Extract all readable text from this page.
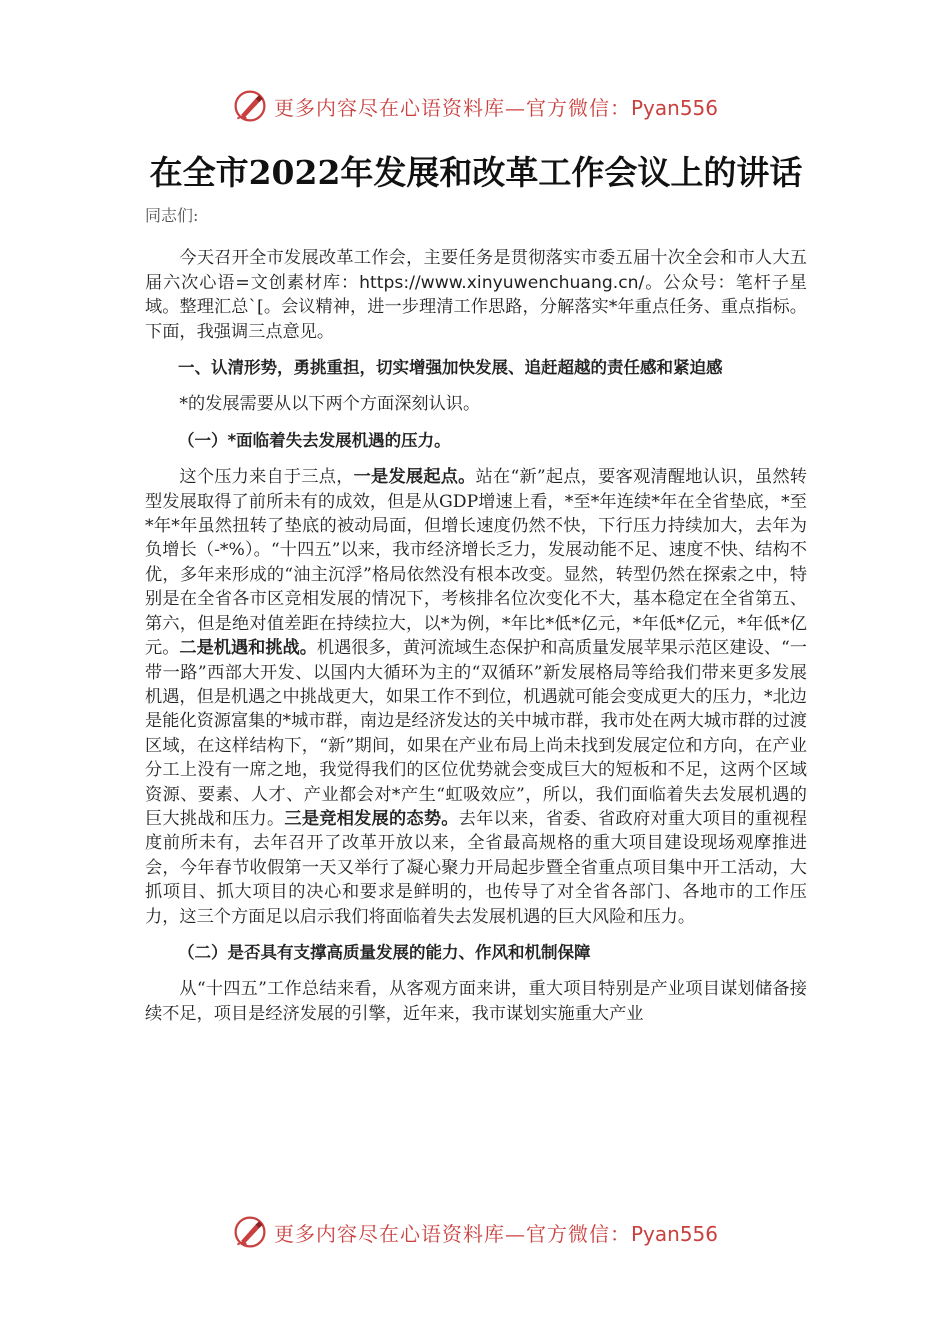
更多内容尽在心语资料库—官方微信：Pyan556
在全市2022年发展和改革工作会议上的讲话

同志们:

今天召开全市发展改革工作会，主要任务是贯彻落实市委五届十次全会和市人大五届六次心语=文创素材库：https://www.xinyuwenchuang.cn/。公众号：笔杆子星域。整理汇总`[。会议精神，进一步理清工作思路，分解落实*年重点任务、重点指标。下面，我强调三点意见。

一、认清形势，勇挑重担，切实增强加快发展、追赶超越的责任感和紧迫感

*的发展需要从以下两个方面深刻认识。

（一）*面临着失去发展机遇的压力。

这个压力来自于三点，一是发展起点。站在“新”起点，要客观清醒地认识，虽然转型发展取得了前所未有的成效，但是从GDP增速上看，*至*年连续*年在全省垫底，*至*年*年虽然扭转了垫底的被动局面，但增长速度仍然不快，下行压力持续加大，去年为负增长（-*%）。“十四五”以来，我市经济增长乏力，发展动能不足、速度不快、结构不优，多年来形成的“油主沉浮”格局依然没有根本改变。显然，转型仍然在探索之中，特别是在全省各市区竞相发展的情况下，考核排名位次变化不大，基本稳定在全省第五、第六，但是绝对值差距在持续拉大，以*为例，*年比*低*亿元，*年低*亿元，*年低*亿元。二是机遇和挑战。机遇很多，黄河流域生态保护和高质量发展苹果示范区建设、“一带一路”西部大开发、以国内大循环为主的“双循环”新发展格局等给我们带来更多发展机遇，但是机遇之中挑战更大，如果工作不到位，机遇就可能会变成更大的压力，*北边是能化资源富集的*城市群，南边是经济发达的关中城市群，我市处在两大城市群的过渡区域，在这样结构下，“新”期间，如果在产业布局上尚未找到发展定位和方向，在产业分工上没有一席之地，我觉得我们的区位优势就会变成巨大的短板和不足，这两个区域资源、要素、人才、产业都会对*产生“虹吸效应”，所以，我们面临着失去发展机遇的巨大挑战和压力。三是竞相发展的态势。去年以来，省委、省政府对重大项目的重视程度前所未有，去年召开了改革开放以来，全省最高规格的重大项目建设现场观摩推进会，今年春节收假第一天又举行了凝心聚力开局起步暨全省重点项目集中开工活动，大抓项目、抓大项目的决心和要求是鲜明的，也传导了对全省各部门、各地市的工作压力，这三个方面足以启示我们将面临着失去发展机遇的巨大风险和压力。

（二）是否具有支撑高质量发展的能力、作风和机制保障

从“十四五”工作总结来看，从客观方面来讲，重大项目特别是产业项目谋划储备接续不足，项目是经济发展的引擎，近年来，我市谋划实施重大产业

更多内容尽在心语资料库—官方微信：Pyan556
